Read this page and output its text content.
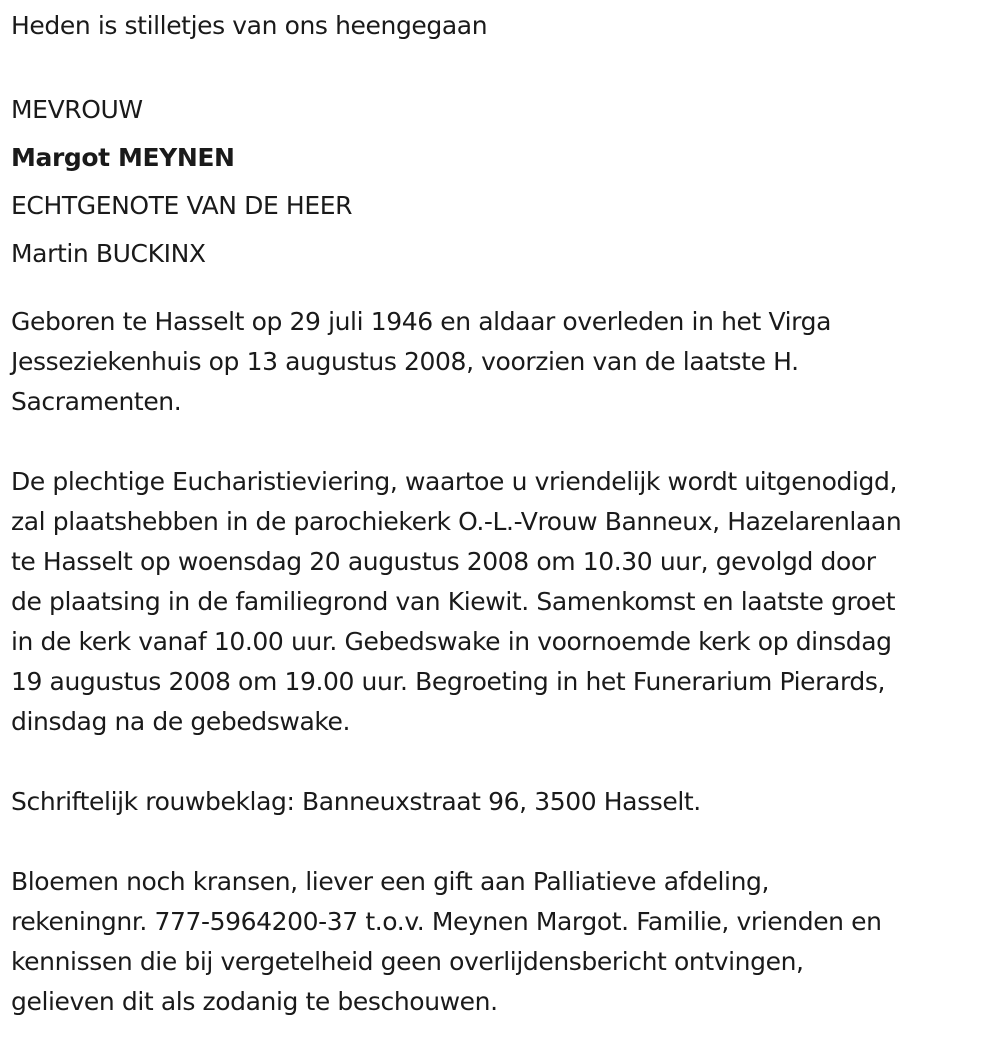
Heden is stilletjes van ons heengegaan

MEVROUW

Margot MEYNEN

ECHTGENOTE VAN DE HEER

Martin BUCKINX

Geboren te Hasselt op 29 juli 1946 en aldaar overleden in het Virga

Jesseziekenhuis op 13 augustus 2008, voorzien van de laatste H.

Sacramenten.

De plechtige Eucharistieviering, waartoe u vriendelijk wordt uitgenodigd,

zal plaatshebben in de parochiekerk O.-L.-Vrouw Banneux, Hazelarenlaan

te Hasselt op woensdag 20 augustus 2008 om 10.30 uur, gevolgd door

de plaatsing in de familiegrond van Kiewit. Samenkomst en laatste groet

in de kerk vanaf 10.00 uur. Gebedswake in voornoemde kerk op dinsdag

19 augustus 2008 om 19.00 uur. Begroeting in het Funerarium Pierards,

dinsdag na de gebedswake.

Schriftelijk rouwbeklag: Banneuxstraat 96, 3500 Hasselt.

Bloemen noch kransen, liever een gift aan Palliatieve afdeling,

rekeningnr. 777-5964200-37 t.o.v. Meynen Margot. Familie, vrienden en

kennissen die bij vergetelheid geen overlijdensbericht ontvingen,

gelieven dit als zodanig te beschouwen.
